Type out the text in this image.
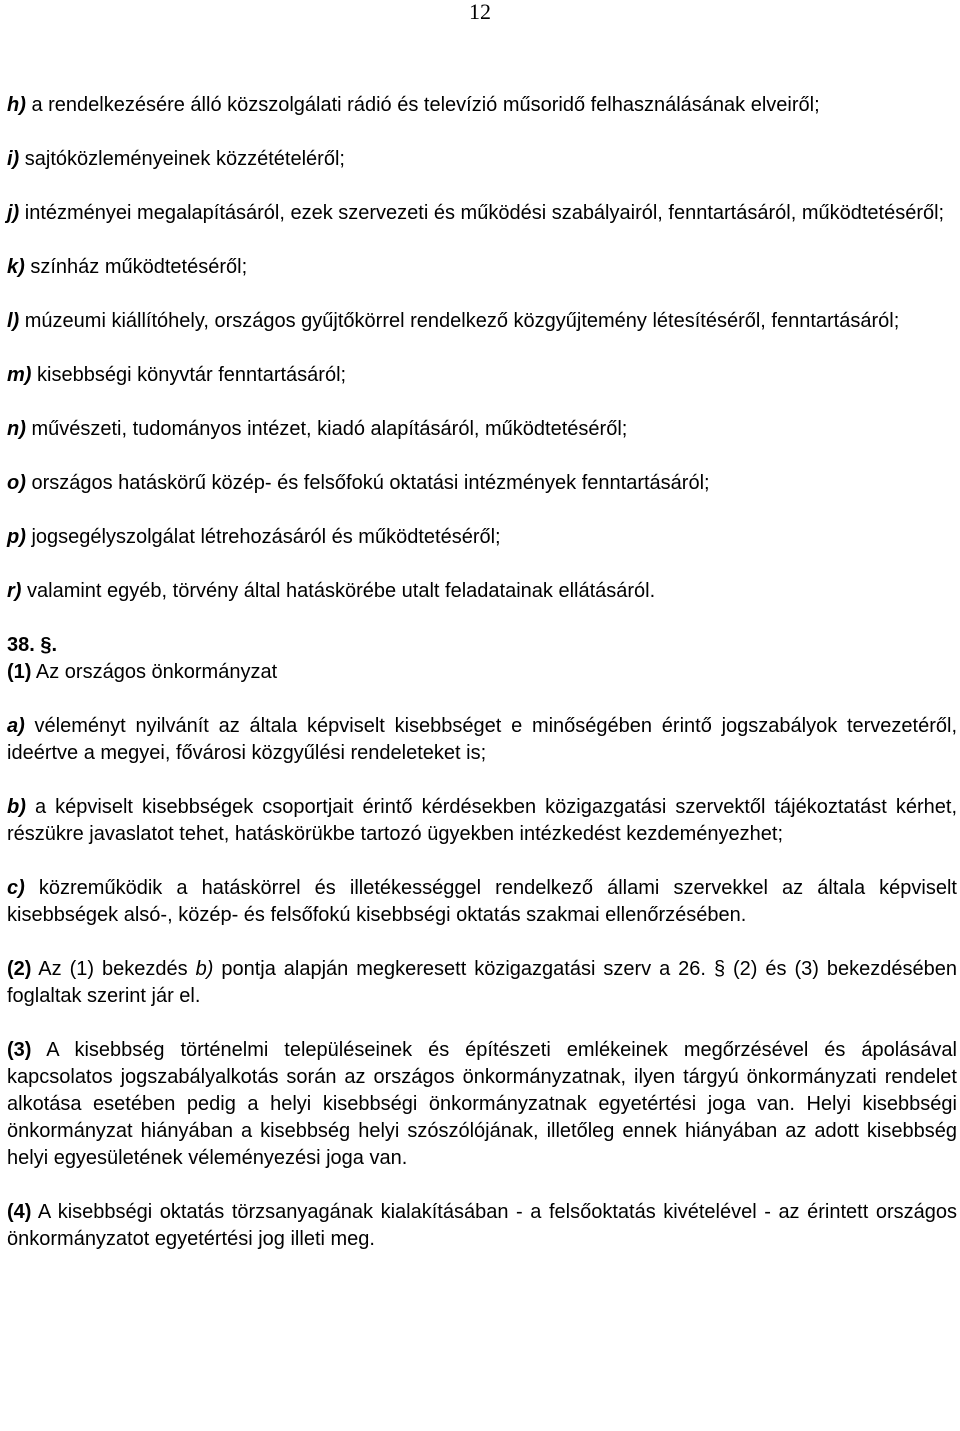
12

h) a rendelkezésére álló közszolgálati rádió és televízió műsoridő felhasználásának elveiről;

i) sajtóközleményeinek közzétételéről;

j) intézményei megalapításáról, ezek szervezeti és működési szabályairól, fenntartásáról, működtetéséről;

k) színház működtetéséről;

l) múzeumi kiállítóhely, országos gyűjtőkörrel rendelkező közgyűjtemény létesítéséről, fenntartásáról;

m) kisebbségi könyvtár fenntartásáról;

n) művészeti, tudományos intézet, kiadó alapításáról, működtetéséről;

o) országos hatáskörű közép- és felsőfokú oktatási intézmények fenntartásáról;

p) jogsegélyszolgálat létrehozásáról és működtetéséről;

r) valamint egyéb, törvény által hatáskörébe utalt feladatainak ellátásáról.

38. §.

(1) Az országos önkormányzat

a) véleményt nyilvánít az általa képviselt kisebbséget e minőségében érintő jogszabályok tervezetéről, ideértve a megyei, fővárosi közgyűlési rendeleteket is;

b) a képviselt kisebbségek csoportjait érintő kérdésekben közigazgatási szervektől tájékoztatást kérhet, részükre javaslatot tehet, hatáskörükbe tartozó ügyekben intézkedést kezdeményezhet;

c) közreműködik a hatáskörrel és illetékességgel rendelkező állami szervekkel az általa képviselt kisebbségek alsó-, közép- és felsőfokú kisebbségi oktatás szakmai ellenőrzésében.

(2) Az (1) bekezdés b) pontja alapján megkeresett közigazgatási szerv a 26. § (2) és (3) bekezdésében foglaltak szerint jár el.

(3) A kisebbség történelmi településeinek és építészeti emlékeinek megőrzésével és ápolásával kapcsolatos jogszabályalkotás során az országos önkormányzatnak, ilyen tárgyú önkormányzati rendelet alkotása esetében pedig a helyi kisebbségi önkormányzatnak egyetértési joga van. Helyi kisebbségi önkormányzat hiányában a kisebbség helyi szószólójának, illetőleg ennek hiányában az adott kisebbség helyi egyesületének véleményezési joga van.

(4) A kisebbségi oktatás törzsanyagának kialakításában - a felsőoktatás kivételével - az érintett országos önkormányzatot egyetértési jog illeti meg.
